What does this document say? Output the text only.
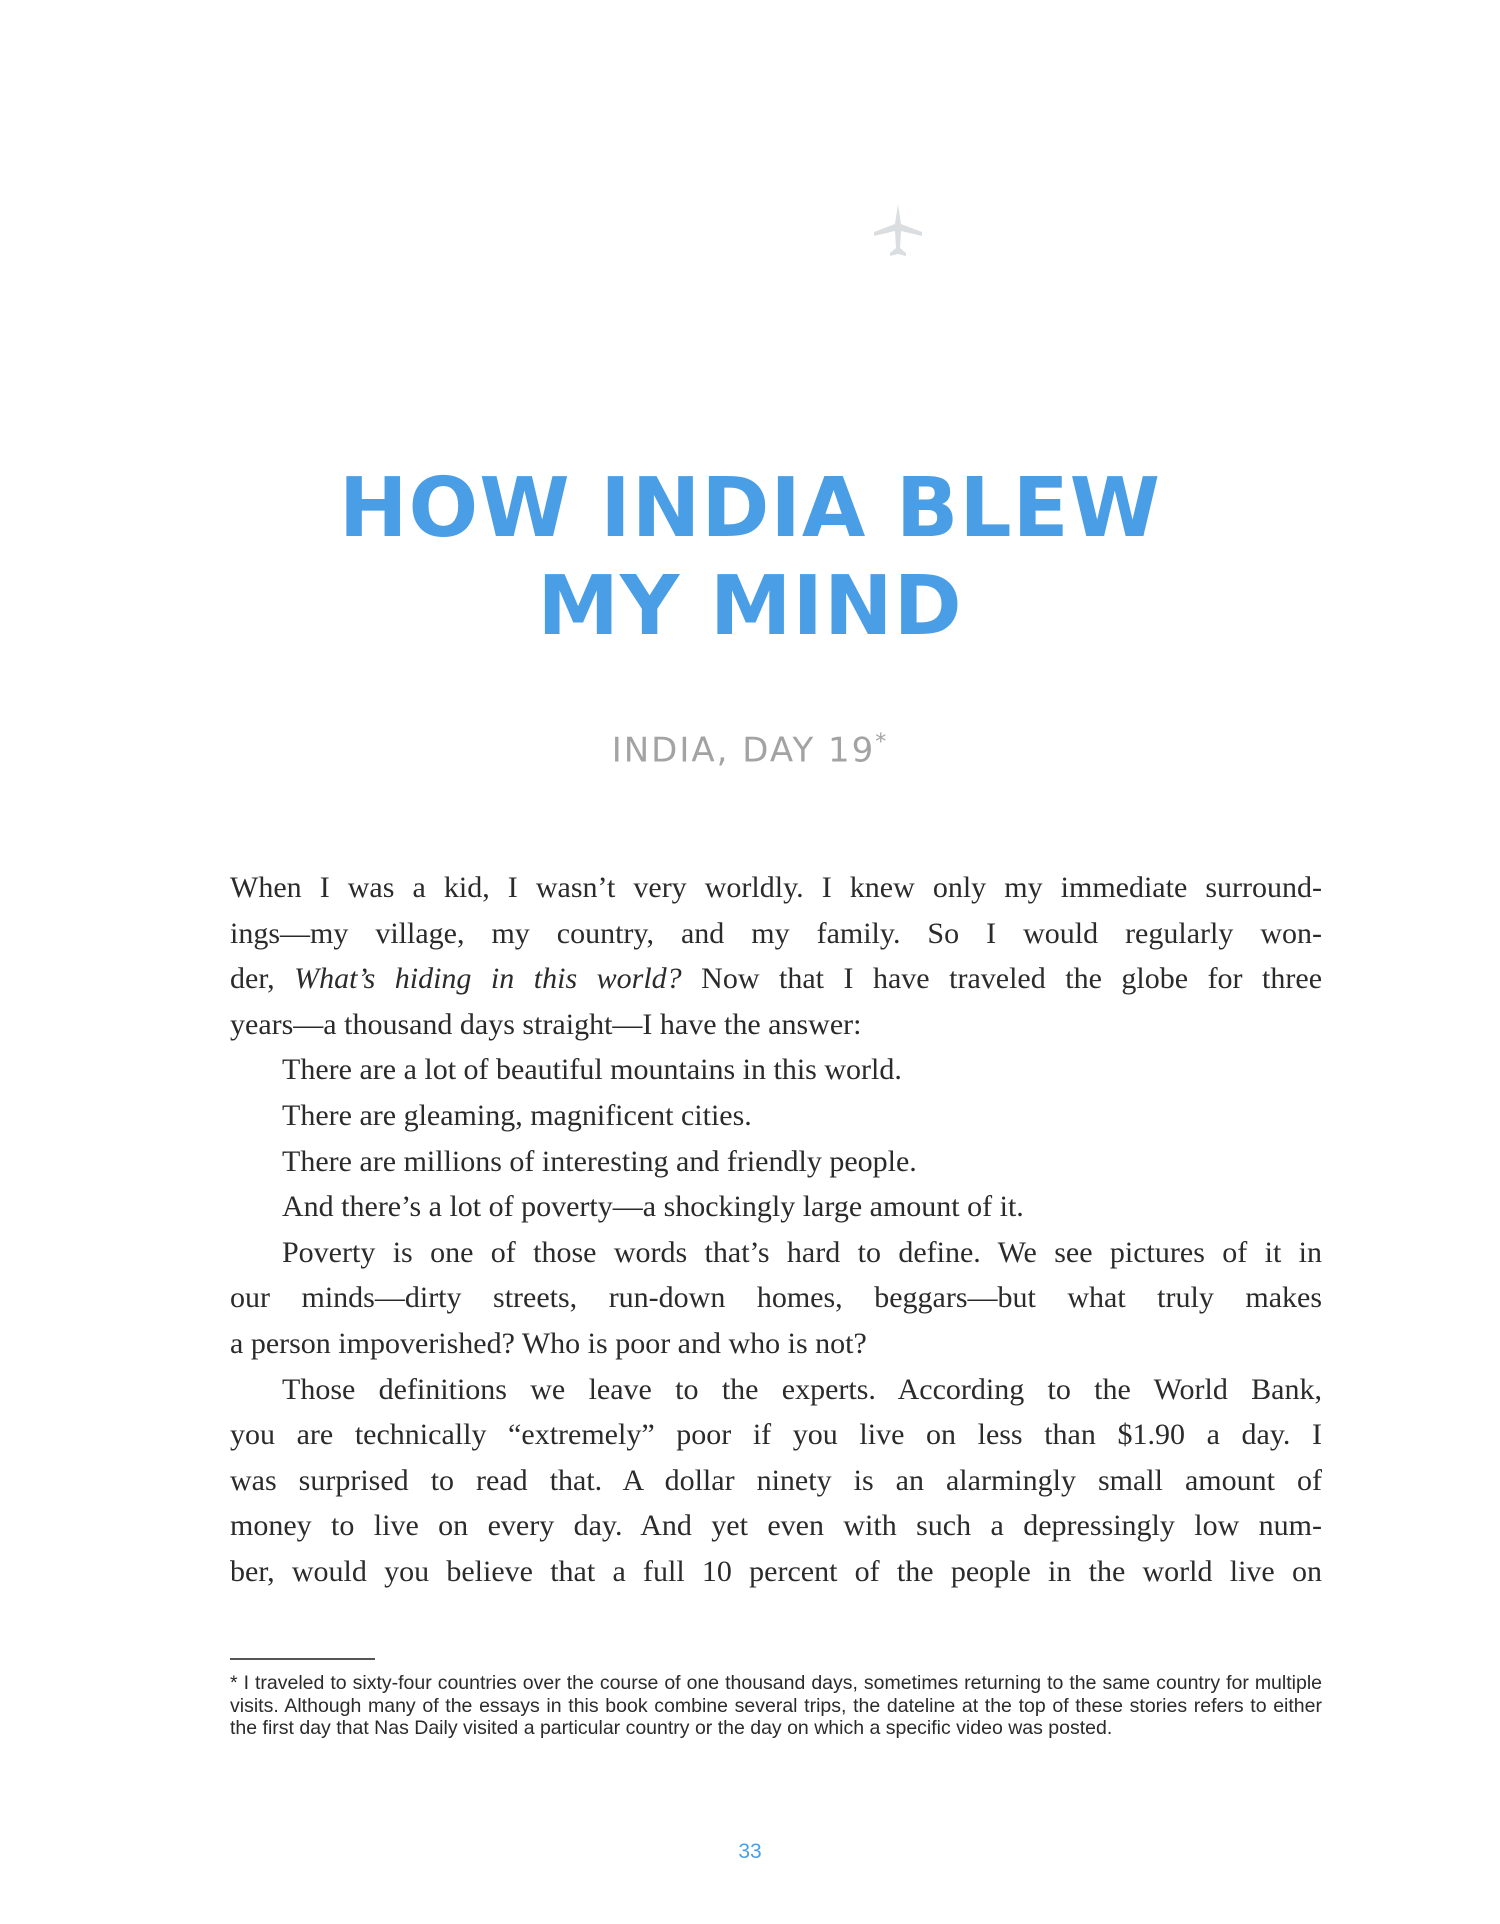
HOW INDIA BLEW
MY MIND
INDIA, DAY 19*

When I was a kid, I wasn’t very worldly. I knew only my immediate surround-

ings—my village, my country, and my family. So I would regularly won-

der, What’s hiding in this world? Now that I have traveled the globe for three

years—a thousand days straight—I have the answer:

There are a lot of beautiful mountains in this world.

There are gleaming, magnificent cities.

There are millions of interesting and friendly people.

And there’s a lot of poverty—a shockingly large amount of it.

Poverty is one of those words that’s hard to define. We see pictures of it in

our minds—dirty streets, run-down homes, beggars—but what truly makes

a person impoverished? Who is poor and who is not?

Those definitions we leave to the experts. According to the World Bank,

you are technically “extremely” poor if you live on less than $1.90 a day. I

was surprised to read that. A dollar ninety is an alarmingly small amount of

money to live on every day. And yet even with such a depressingly low num-

ber, would you believe that a full 10 percent of the people in the world live on

* I traveled to sixty-four countries over the course of one thousand days, sometimes returning to the same country for multiple visits. Although many of the essays in this book combine several trips, the dateline at the top of these stories refers to either the first day that Nas Daily visited a particular country or the day on which a specific video was posted.

33
